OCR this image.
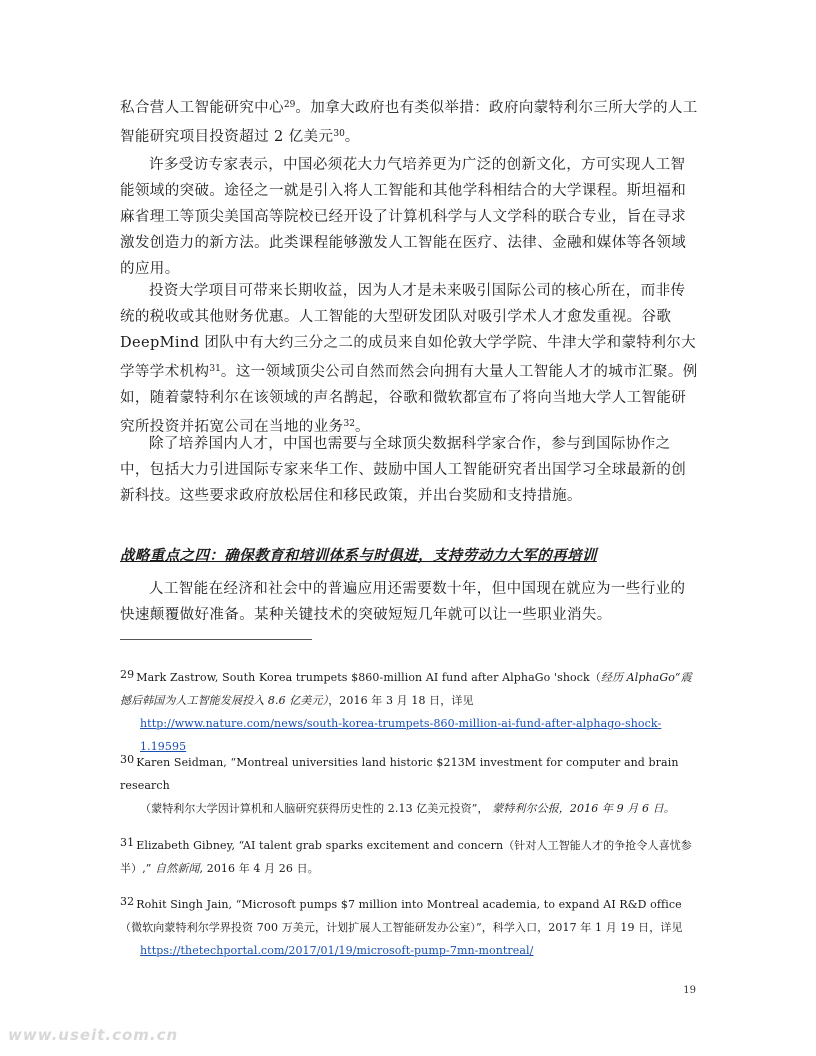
私合营人工智能研究中心$^{29}$。加拿大政府也有类似举措：政府向蒙特利尔三所大学的人工智能研究项目投资超过 2 亿美元$^{30}$。

许多受访专家表示，中国必须花大力气培养更为广泛的创新文化，方可实现人工智能领域的突破。途径之一就是引入将人工智能和其他学科相结合的大学课程。斯坦福和麻省理工等顶尖美国高等院校已经开设了计算机科学与人文学科的联合专业，旨在寻求激发创造力的新方法。此类课程能够激发人工智能在医疗、法律、金融和媒体等各领域的应用。

投资大学项目可带来长期收益，因为人才是未来吸引国际公司的核心所在，而非传统的税收或其他财务优惠。人工智能的大型研发团队对吸引学术人才愈发重视。谷歌 DeepMind 团队中有大约三分之二的成员来自如伦敦大学学院、牛津大学和蒙特利尔大学等学术机构$^{31}$。这一领域顶尖公司自然而然会向拥有大量人工智能人才的城市汇聚。例如，随着蒙特利尔在该领域的声名鹊起，谷歌和微软都宣布了将向当地大学人工智能研究所投资并拓宽公司在当地的业务$^{32}$。

除了培养国内人才，中国也需要与全球顶尖数据科学家合作，参与到国际协作之中，包括大力引进国际专家来华工作、鼓励中国人工智能研究者出国学习全球最新的创新科技。这些要求政府放松居住和移民政策，并出台奖励和支持措施。

战略重点之四：确保教育和培训体系与时俱进，支持劳动力大军的再培训

人工智能在经济和社会中的普遍应用还需要数十年，但中国现在就应为一些行业的快速颠覆做好准备。某种关键技术的突破短短几年就可以让一些职业消失。

29 Mark Zastrow, South Korea trumpets $860-million AI fund after AlphaGo 'shock（经历 AlphaGo“震撼后韩国为人工智能发展投入 8.6 亿美元），2016 年 3 月 18 日，详见

http://www.nature.com/news/south-korea-trumpets-860-million-ai-fund-after-alphago-shock-1.19595
30 Karen Seidman, “Montreal universities land historic $213M investment for computer and brain research
（蒙特利尔大学因计算机和人脑研究获得历史性的 2.13 亿美元投资”， 蒙特利尔公报，2016 年 9 月 6 日。
31 Elizabeth Gibney, “AI talent grab sparks excitement and concern（针对人工智能人才的争抢令人喜忧参半）,” 自然新闻, 2016 年 4 月 26 日。
32 Rohit Singh Jain, “Microsoft pumps $7 million into Montreal academia, to expand AI R&D office（微软向蒙特利尔学界投资 700 万美元，计划扩展人工智能研发办公室）”，科学入口，2017 年 1 月 19 日，详见
https://thetechportal.com/2017/01/19/microsoft-pump-7mn-montreal/
19
www.useit.com.cn
